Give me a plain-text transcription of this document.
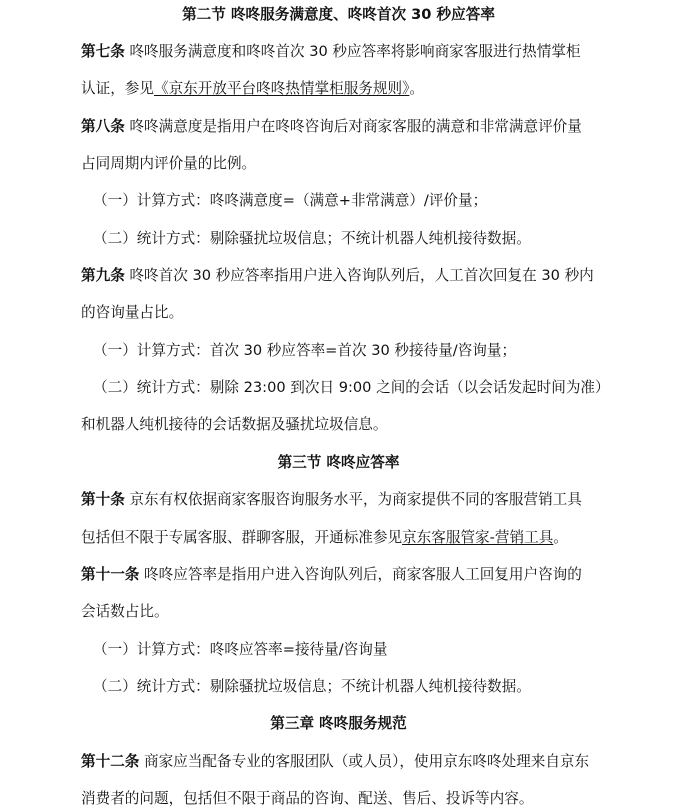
第二节 咚咚服务满意度、咚咚首次 30 秒应答率
第七条 咚咚服务满意度和咚咚首次 30 秒应答率将影响商家客服进行热情掌柜
认证，参见《京东开放平台咚咚热情掌柜服务规则》。
第八条 咚咚满意度是指用户在咚咚咨询后对商家客服的满意和非常满意评价量
占同周期内评价量的比例。
（一）计算方式：咚咚满意度=（满意+非常满意）/评价量；
（二）统计方式：剔除骚扰垃圾信息；不统计机器人纯机接待数据。
第九条 咚咚首次 30 秒应答率指用户进入咨询队列后，人工首次回复在 30 秒内
的咨询量占比。
（一）计算方式：首次 30 秒应答率=首次 30 秒接待量/咨询量；
（二）统计方式：剔除 23:00 到次日 9:00 之间的会话（以会话发起时间为准）
和机器人纯机接待的会话数据及骚扰垃圾信息。
第三节 咚咚应答率
第十条 京东有权依据商家客服咨询服务水平，为商家提供不同的客服营销工具
包括但不限于专属客服、群聊客服，开通标准参见京东客服管家-营销工具。
第十一条 咚咚应答率是指用户进入咨询队列后，商家客服人工回复用户咨询的
会话数占比。
（一）计算方式：咚咚应答率=接待量/咨询量
（二）统计方式：剔除骚扰垃圾信息；不统计机器人纯机接待数据。
第三章 咚咚服务规范
第十二条 商家应当配备专业的客服团队（或人员），使用京东咚咚处理来自京东
消费者的问题，包括但不限于商品的咨询、配送、售后、投诉等内容。
